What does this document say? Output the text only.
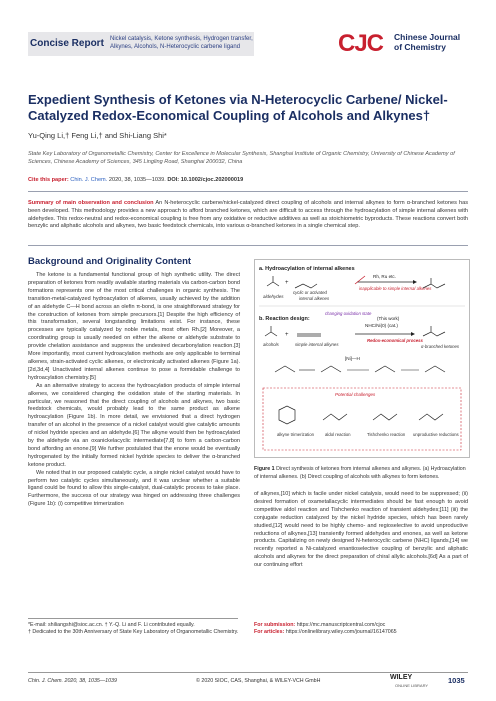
Concise Report Nickel catalysis, Ketone synthesis, Hydrogen transfer, Alkynes, Alcohols, N-Heterocyclic carbene ligand	CJC Chinese Journal
of Chemistry
Expedient Synthesis of Ketones via N-Heterocyclic Carbene/ Nickel-Catalyzed Redox-Economical Coupling of Alcohols and Alkynes†
Yu-Qing Li,† Feng Li,† and Shi-Liang Shi*
State Key Laboratory of Organometallic Chemistry, Center for Excellence in Molecular Synthesis, Shanghai Institute of Organic Chemistry, University of Chinese Academy of Sciences, Chinese Academy of Sciences, 345 Lingling Road, Shanghai 200032, China
Cite this paper: Chin. J. Chem. 2020, 38, 1035—1039. DOI: 10.1002/cjoc.202000019
Summary of main observation and conclusion An N-heterocyclic carbene/nickel-catalyzed direct coupling of alcohols and internal alkynes to form α-branched ketones has been developed. This methodology provides a new approach to afford branched ketones, which are difficult to access through the hydroacylation of simple internal alkenes with aldehydes. This redox-neutral and redox-economical coupling is free from any oxidative or reductive additives as well as stoichiometric byproducts. These reactions convert both benzylic and aliphatic alcohols and alkynes, two basic feedstock chemicals, into various α-branched ketones in a single chemical step.
Background and Originality Content

The ketone is a fundamental functional group of high synthetic utility. The direct preparation of ketones from readily available starting materials via carbon-carbon bond formations represents one of the most critical challenges in organic synthesis. The transition-metal-catalyzed hydroacylation of alkenes, usually achieved by the addition of an aldehyde C—H bond across an olefin π-bond, is one straightforward strategy for the construction of ketones from simple precursors.[1] Despite the high efficiency of this transformation, several longstanding limitations exist. For instance, these processes are typically catalyzed by noble metals, most often Rh.[2] Moreover, a coordinating group is usually needed on either the alkene or aldehyde substrate to provide chelation assistance and suppress the undesired decarbonylation reaction.[3] More importantly, most current hydroacylation methods are only applicable to terminal alkenes, strain-activated cyclic alkenes, or electronically activated alkenes (Figure 1a).[2d,3d,4] Unactivated internal alkenes continue to pose a formidable challenge to hydroacylation chemistry.[5]

As an alternative strategy to access the hydroacylation products of simple internal alkenes, we considered changing the oxidation state of the starting materials. In particular, we reasoned that the direct coupling of alcohols and alkynes, two basic feedstock chemicals, would probably lead to the same product as alkene hydroacylation (Figure 1b). In more detail, we envisioned that a direct hydrogen transfer of an alcohol in the presence of a nickel catalyst would give catalytic amounts of nickel hydride species and an aldehyde.[6] The alkyne would then be hydroacylated by the aldehyde via an oxanickelacyclic intermediate[7,8] to form a carbon-carbon bond affording an enone.[9] We further postulated that the enone would be eventually hydrogenated by the initially formed nickel hydride species to deliver the α-branched ketone product.

We noted that in our proposed catalytic cycle, a single nickel catalyst would have to perform two catalytic cycles simultaneously, and it was unclear whether a suitable ligand could be found to allow this single-catalyst, dual-catalytic process to take place. Furthermore, the success of our strategy was hinged on addressing three challenges (Figure 1b): (i) competitive trimerization

a. Hydroacylation of internal alkenes
aldehydes
+
cyclic or activated
internal alkenes
Rh, Ru etc.
inapplicable to simple internal alkenes
changing oxidation state
b. Reaction design:	(This work)
NHC/Ni(0) (cat.)
alcohols
+
simple internal alkynes
Redox-economical process
α-branched ketones
[Ni]—H
Potential challenges
alkyne trimerization	aldol reaction	Tishchenko reaction unproductive reductions
Figure 1 Direct synthesis of ketones from internal alkenes and alkynes. (a) Hydroacylation of internal alkenes. (b) Direct coupling of alcohols with alkynes to form ketones.

of alkynes,[10] which is facile under nickel catalysis, would need to be suppressed; (ii) desired formation of oxametallacyclic intermediates should be fast enough to avoid competitive aldol reaction and Tishchenko reaction of transient aldehydes;[11] (iii) the conjugate reduction catalyzed by the nickel hydride species, which has been rarely studied,[12] would need to be highly chemo- and regioselective to avoid unproductive reductions of alkynes,[13] transiently formed aldehydes and enones, as well as ketone products. Capitalizing on newly designed N-heterocyclic carbene (NHC) ligands,[14] we recently reported a Ni-catalyzed enantioselective coupling of benzylic and aliphatic alcohols and alkynes for the direct preparation of chiral allylic alcohols.[6d] As a part of our continuing effort

*E-mail: shiliangshi@sioc.ac.cn. † Y.-Q. Li and F. Li contributed equally.
† Dedicated to the 30th Anniversary of State Key Laboratory of Organometallic Chemistry.
For submission: https://mc.manuscriptcentral.com/cjoc
For articles: https://onlinelibrary.wiley.com/journal/16147065
Chin. J. Chem. 2020, 38, 1035—1039	© 2020 SIOC, CAS, Shanghai, & WILEY-VCH GmbH	WILEY
ONLINE LIBRARY
1035
